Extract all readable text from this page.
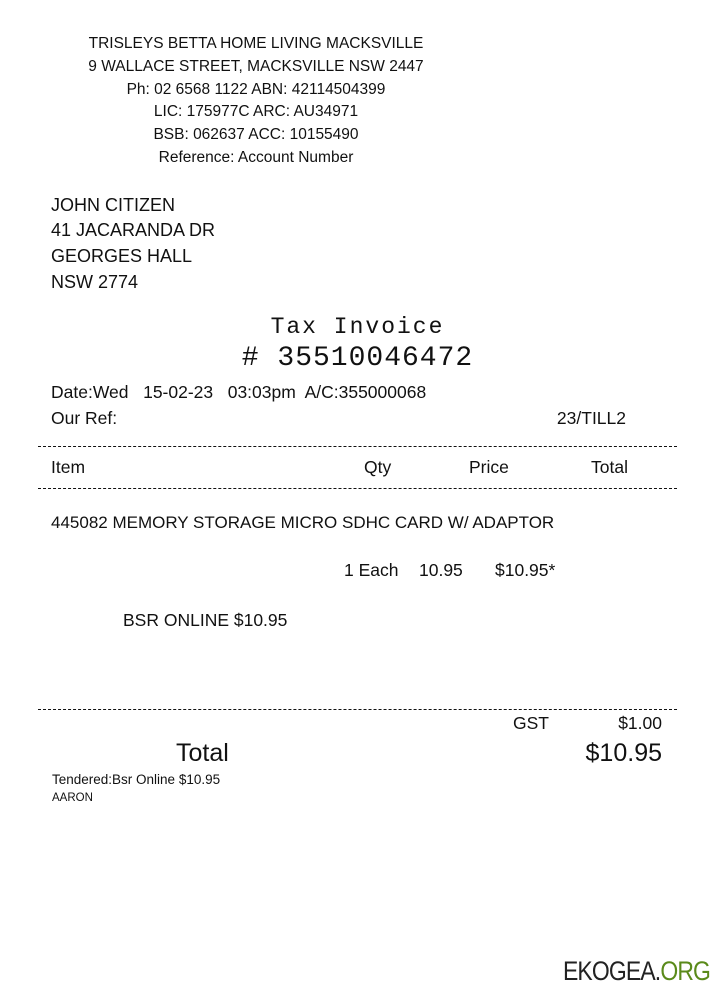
TRISLEYS BETTA HOME LIVING MACKSVILLE
9 WALLACE STREET, MACKSVILLE NSW 2447
Ph: 02 6568 1122 ABN: 42114504399
LIC: 175977C ARC: AU34971
BSB: 062637 ACC: 10155490
Reference: Account Number
JOHN CITIZEN
41 JACARANDA DR
GEORGES HALL
NSW 2774
Tax Invoice
# 35510046472
Date:Wed   15-02-23   03:03pm  A/C:355000068
Our Ref:	23/TILL2
Item	Qty	Price	Total
445082 MEMORY STORAGE MICRO SDHC CARD W/ ADAPTOR
1 Each 10.95 $10.95*
BSR ONLINE $10.95
GST	$1.00
Total	$10.95
Tendered:Bsr Online $10.95
AARON
EKOGEA.ORG
